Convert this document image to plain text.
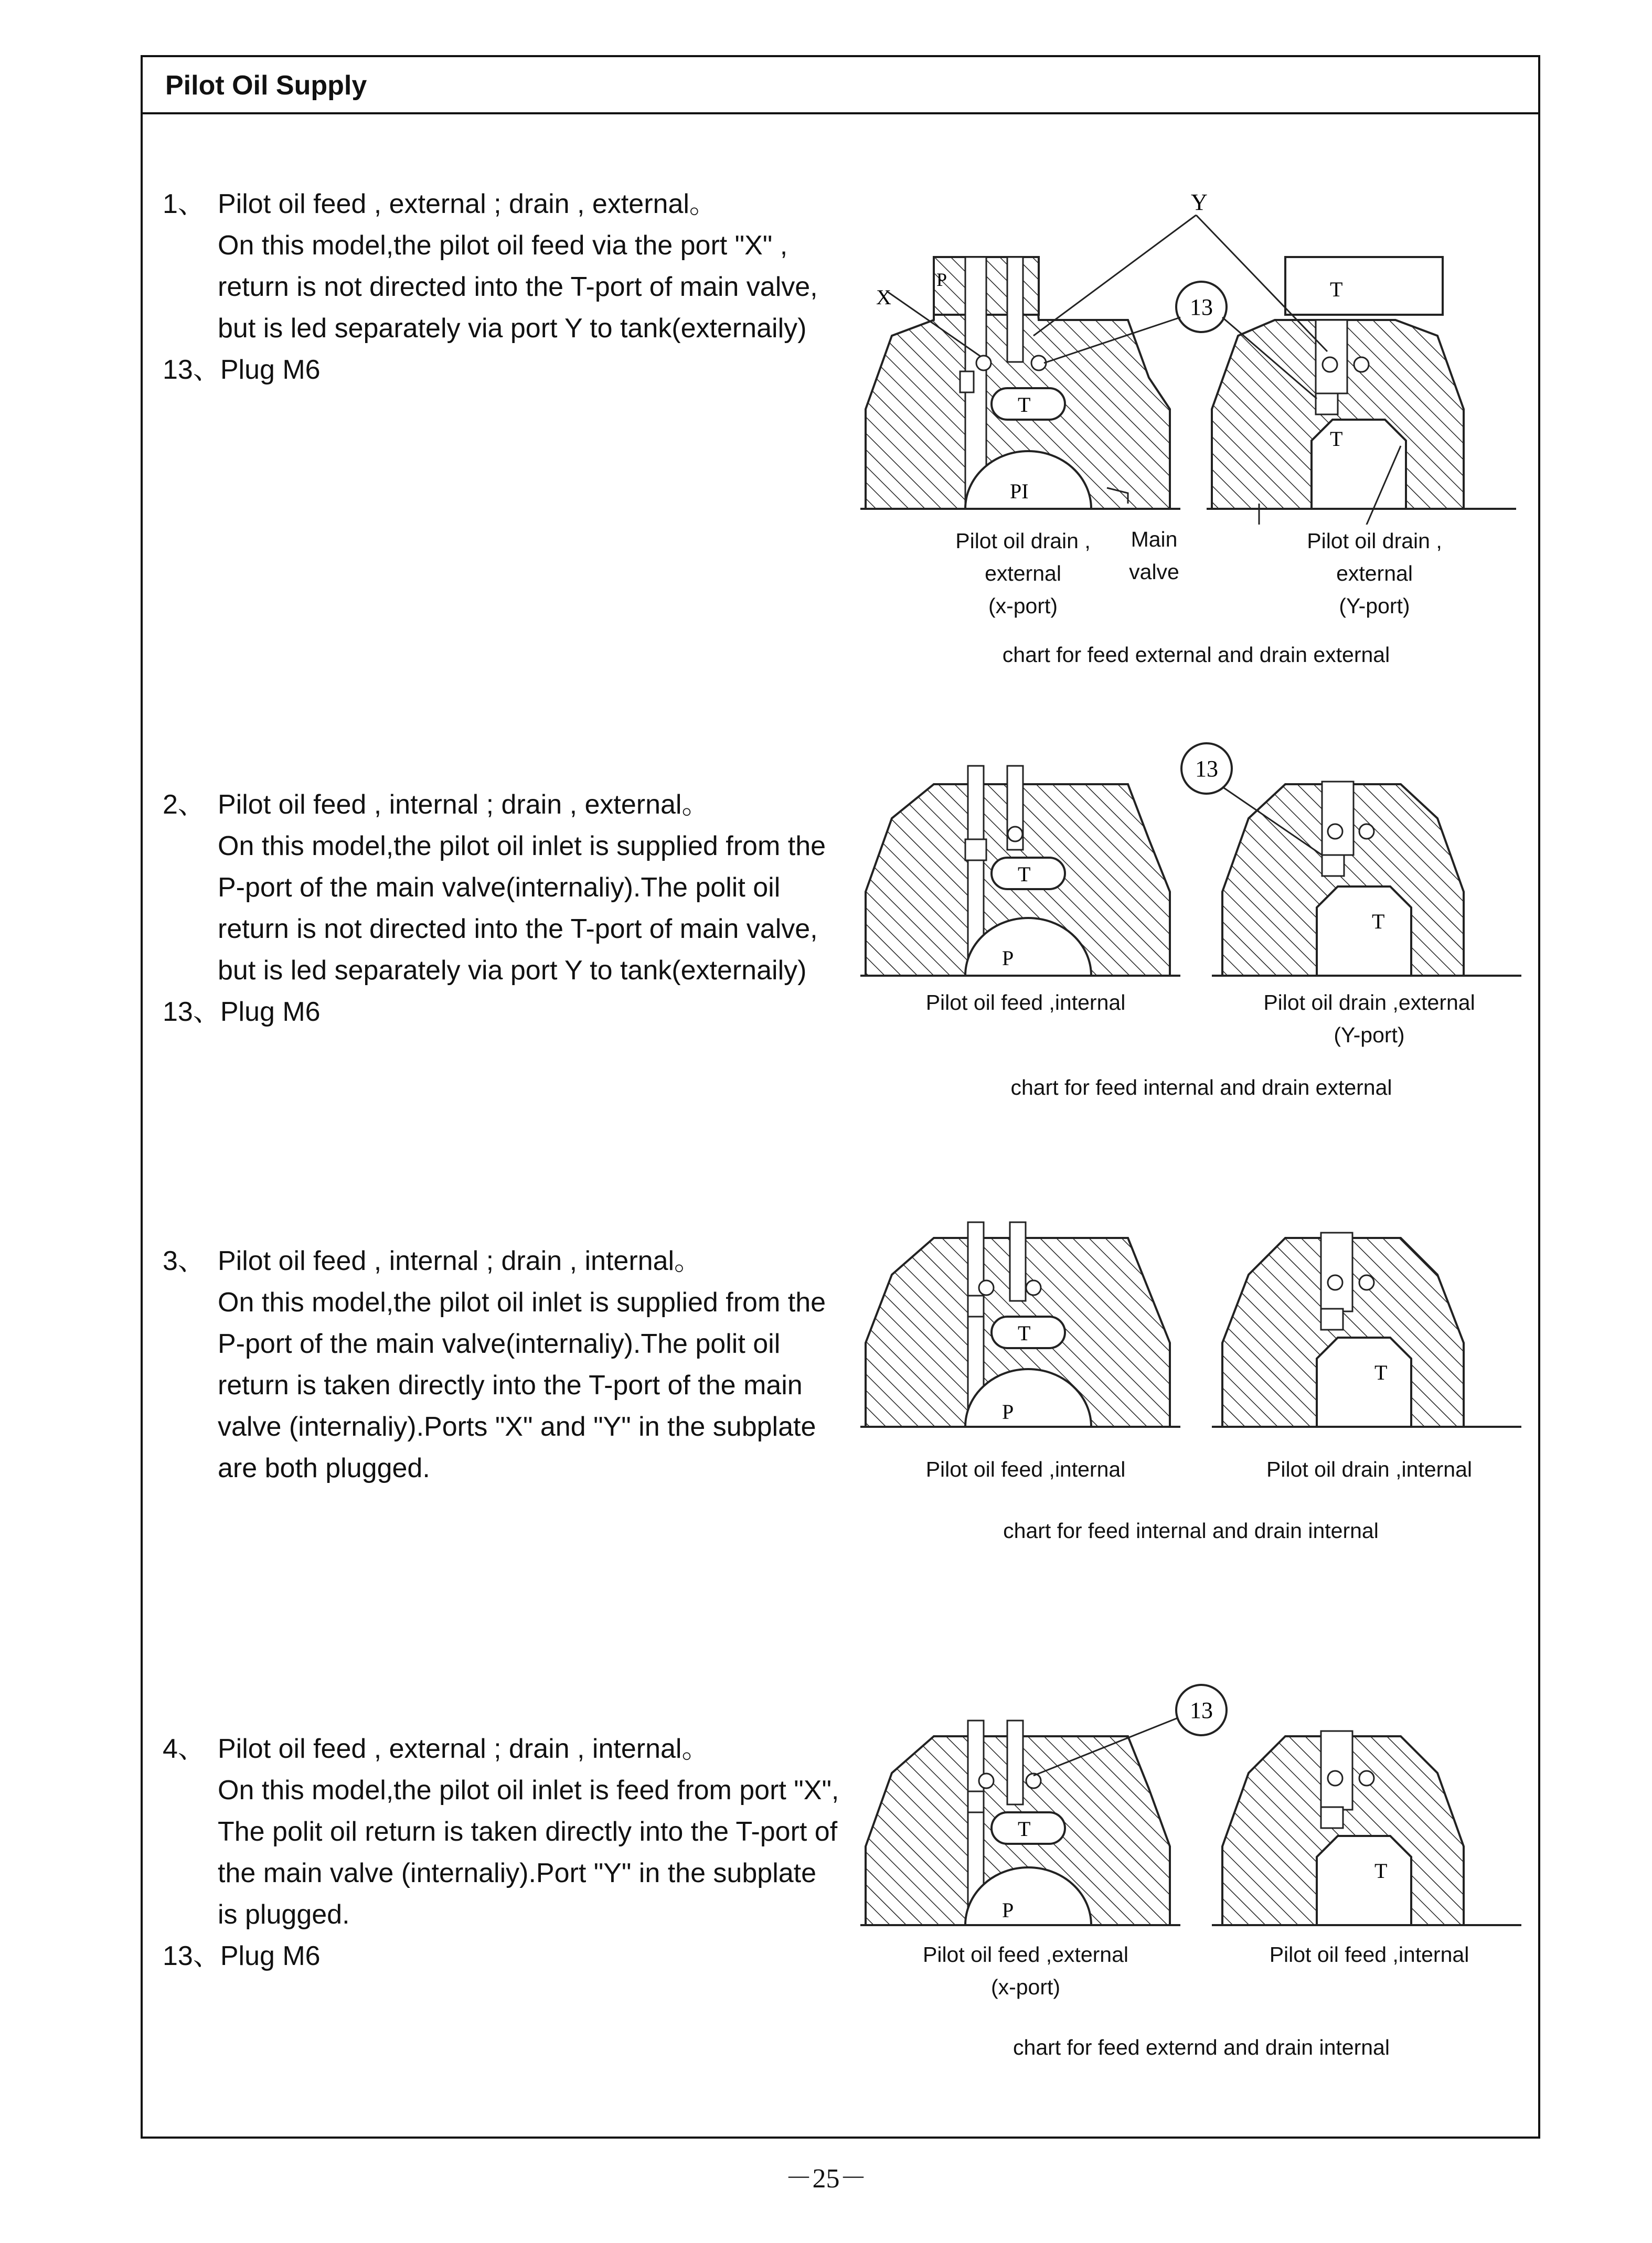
Pilot Oil Supply
1、 Pilot oil feed , external ; drain , external。
On this model,the pilot oil feed via the port "X" ,
return is not directed into the T-port of main valve,
but is led separately via port Y to tank(externaily)
13、Plug M6
X
P
T
PI
T
T
Y
13
Pilot oil drain ,
external
(x-port)
Main
valve
Pilot oil drain ,
external
(Y-port)
chart for feed external and drain external
2、 Pilot oil feed , internal ; drain , external。
On this model,the pilot oil inlet is supplied from the
P-port of the main valve(internaliy).The polit oil
return is not directed into the T-port of main valve,
but is led separately via port Y to tank(externaily)
13、Plug M6
T
P
T
13
Pilot oil feed ,internal	Pilot oil drain ,external
(Y-port)
chart for feed internal and drain external
3、 Pilot oil feed , internal ; drain , internal。
On this model,the pilot oil inlet is supplied from the
P-port of the main valve(internaliy).The polit oil
return is taken directly into the T-port of the main
valve (internaliy).Ports "X" and "Y" in the subplate
are both plugged.
T
P
T
Pilot oil feed ,internal	Pilot oil drain ,internal
chart for feed internal and drain internal
4、 Pilot oil feed , external ; drain , internal。
On this model,the pilot oil inlet is feed from port "X",
The polit oil return is taken directly into the T-port of
the main valve (internaliy).Port "Y" in the subplate
is plugged.
13、Plug M6
T
P
T
13
Pilot oil feed ,external
(x-port)
Pilot oil feed ,internal
chart for feed externd and drain internal
－25－
